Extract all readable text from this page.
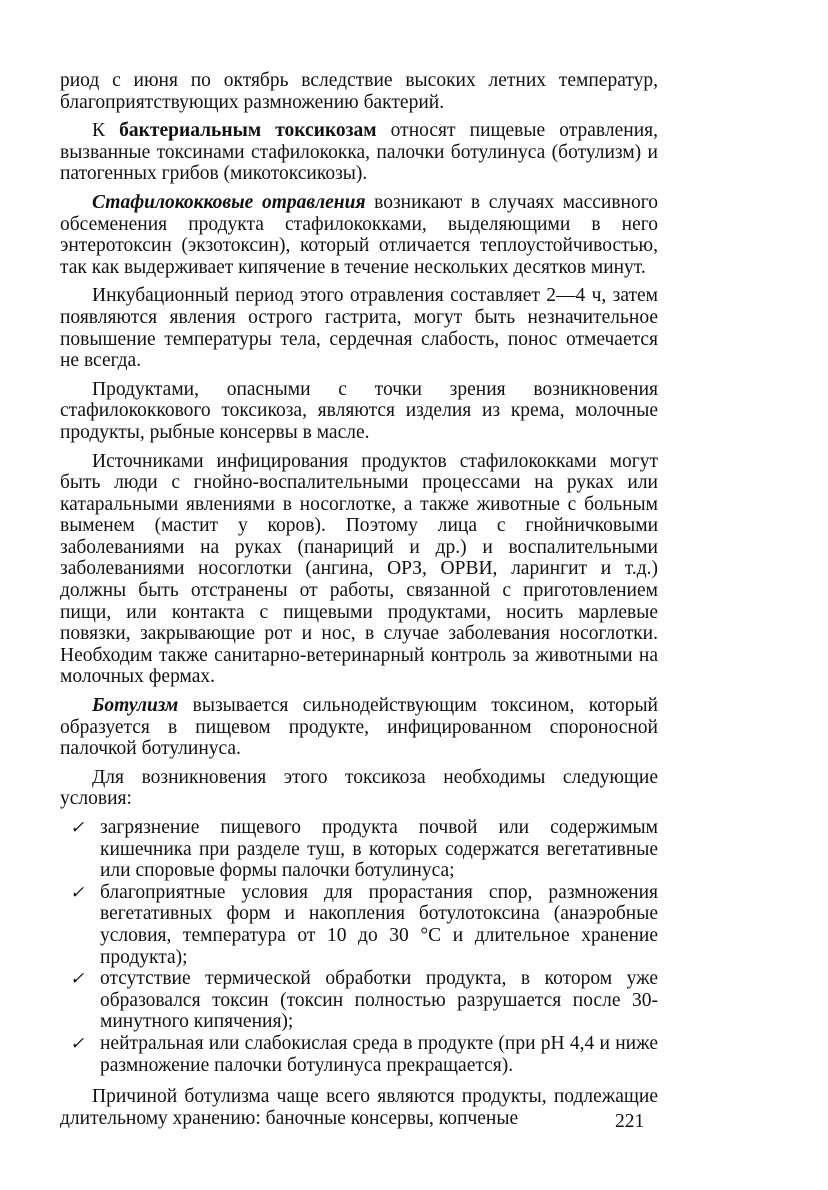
риод с июня по октябрь вследствие высоких летних температур, благоприятствующих размножению бактерий.

К бактериальным токсикозам относят пищевые отравления, вызванные токсинами стафилококка, палочки ботулинуса (ботулизм) и патогенных грибов (микотоксикозы).

Стафилококковые отравления возникают в случаях массивного обсеменения продукта стафилококками, выделяющими в него энтеротоксин (экзотоксин), который отличается теплоустойчивостью, так как выдерживает кипячение в течение нескольких десятков минут.

Инкубационный период этого отравления составляет 2—4 ч, затем появляются явления острого гастрита, могут быть незначительное повышение температуры тела, сердечная слабость, понос отмечается не всегда.

Продуктами, опасными с точки зрения возникновения стафилококкового токсикоза, являются изделия из крема, молочные продукты, рыбные консервы в масле.

Источниками инфицирования продуктов стафилококками могут быть люди с гнойно-воспалительными процессами на руках или катаральными явлениями в носоглотке, а также животные с больным выменем (мастит у коров). Поэтому лица с гнойничковыми заболеваниями на руках (панариций и др.) и воспалительными заболеваниями носоглотки (ангина, ОРЗ, ОРВИ, ларингит и т.д.) должны быть отстранены от работы, связанной с приготовлением пищи, или контакта с пищевыми продуктами, носить марлевые повязки, закрывающие рот и нос, в случае заболевания носоглотки. Необходим также санитарно-ветеринарный контроль за животными на молочных фермах.

Ботулизм вызывается сильнодействующим токсином, который образуется в пищевом продукте, инфицированном спороносной палочкой ботулинуса.

Для возникновения этого токсикоза необходимы следующие условия:

✓ загрязнение пищевого продукта почвой или содержимым кишечника при разделе туш, в которых содержатся вегетативные или споровые формы палочки ботулинуса;
✓ благоприятные условия для прорастания спор, размножения вегетативных форм и накопления ботулотоксина (анаэробные условия, температура от 10 до 30 °С и длительное хранение продукта);
✓ отсутствие термической обработки продукта, в котором уже образовался токсин (токсин полностью разрушается после 30-минутного кипячения);
✓ нейтральная или слабокислая среда в продукте (при рН 4,4 и ниже размножение палочки ботулинуса прекращается).

Причиной ботулизма чаще всего являются продукты, подлежащие длительному хранению: баночные консервы, копченые	221
